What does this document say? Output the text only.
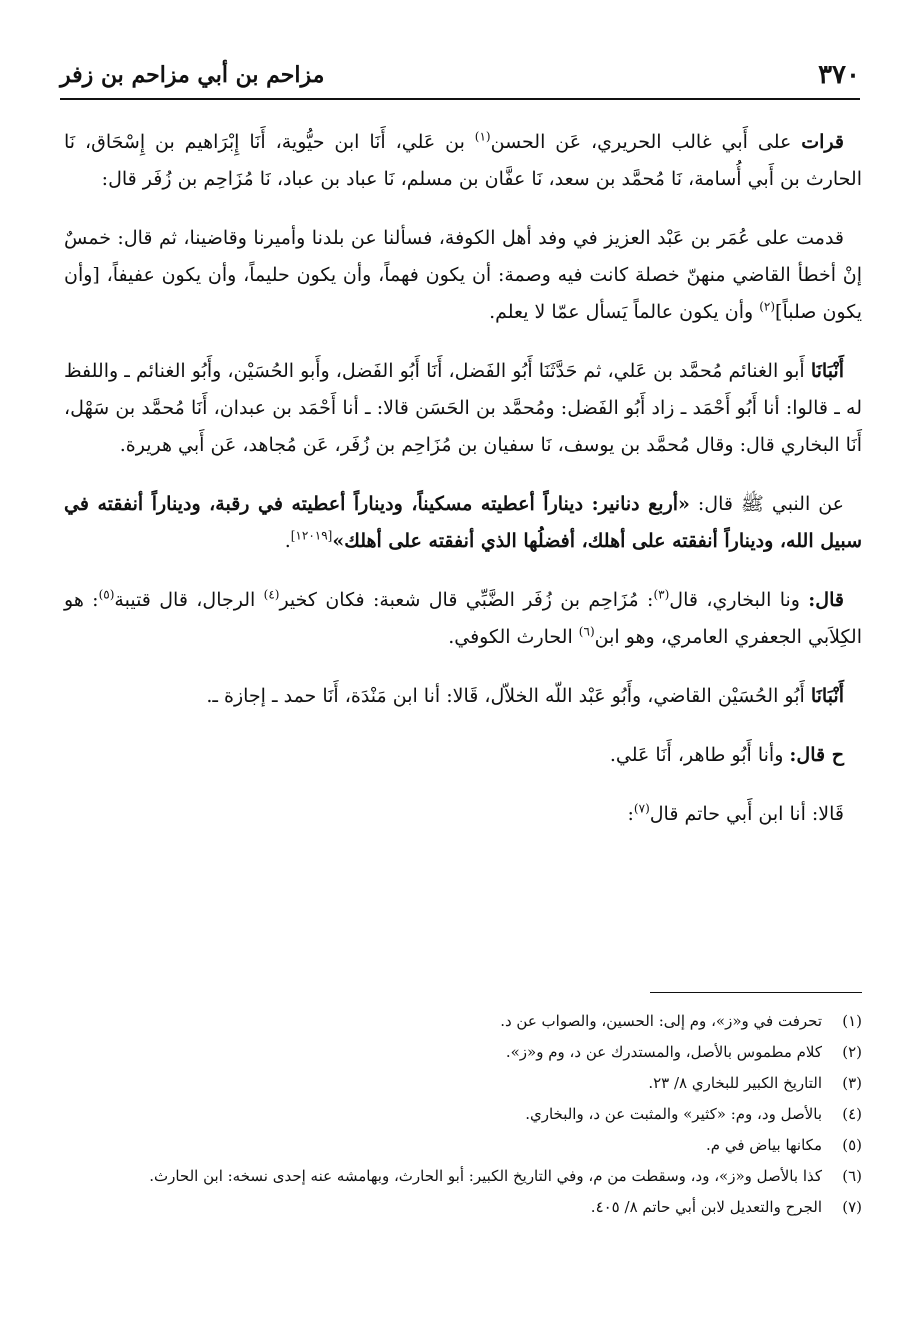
٣٧٠
مزاحم بن أبي مزاحم بن زفر

قرات على أَبي غالب الحريري، عَن الحسن$^{(١)}$ بن عَلي، أَنَا ابن حيُّوية، أَنَا إِبْرَاهيم بن إِسْحَاق، نَا الحارث بن أَبي أُسامة، نَا مُحمَّد بن سعد، نَا عفَّان بن مسلم، نَا عباد بن عباد، نَا مُزَاحِم بن زُفَر قال:

قدمت على عُمَر بن عَبْد العزيز في وفد أهل الكوفة، فسألنا عن بلدنا وأميرنا وقاضينا، ثم قال: خمسٌ إنْ أخطأ القاضي منهنّ خصلة كانت فيه وصمة: أن يكون فهماً، وأن يكون حليماً، وأن يكون عفيفاً، [وأن يكون صلباً]$^{(٢)}$ وأن يكون عالماً يَسأل عمّا لا يعلم.

أَنْبَانَا أَبو الغنائم مُحمَّد بن عَلي، ثم حَدَّثَنَا أَبُو الفَضل، أَنَا أَبُو الفَضل، وأَبو الحُسَيْن، وأَبُو الغنائم ـ واللفظ له ـ قالوا: أنا أَبُو أَحْمَد ـ زاد أَبُو الفَضل: ومُحمَّد بن الحَسَن قالا: ـ أنا أَحْمَد بن عبدان، أَنَا مُحمَّد بن سَهْل، أَنَا البخاري قال: وقال مُحمَّد بن يوسف، نَا سفيان بن مُزَاحِم بن زُفَر، عَن مُجاهد، عَن أَبي هريرة.

عن النبي ﷺ قال: «أربع دنانير: ديناراً أعطيته مسكيناً، وديناراً أعطيته في رقبة، وديناراً أنفقته في سبيل الله، وديناراً أنفقته على أهلك، أفضلُها الذي أنفقته على أهلك»[١٢٠١٩].

قال: ونا البخاري، قال$^{(٣)}$: مُزَاحِم بن زُفَر الضَّبِّي قال شعبة: فكان كخير$^{(٤)}$ الرجال، قال قتيبة$^{(٥)}$: هو الكِلاَبي الجعفري العامري، وهو ابن$^{(٦)}$ الحارث الكوفي.

أَنْبَانَا أَبُو الحُسَيْن القاضي، وأَبُو عَبْد اللّه الخلاّل، قَالا: أنا ابن مَنْدَة، أَنَا حمد ـ إجازة ـ.

ح قال: وأنا أَبُو طاهر، أَنَا عَلي.

قَالا: أنا ابن أَبي حاتم قال$^{(٧)}$:

(١)
تحرفت في و«ز»، وم إلى: الحسين، والصواب عن د.
(٢)
كلام مطموس بالأصل، والمستدرك عن د، وم و«ز».
(٣)
التاريخ الكبير للبخاري ٨/ ٢٣.
(٤)
بالأصل ود، وم: «كثير» والمثبت عن د، والبخاري.
(٥)
مكانها بياض في م.
(٦)
كذا بالأصل و«ز»، ود، وسقطت من م، وفي التاريخ الكبير: أبو الحارث، وبهامشه عنه إحدى نسخه: ابن الحارث.
(٧)
الجرح والتعديل لابن أبي حاتم ٨/ ٤٠٥.
